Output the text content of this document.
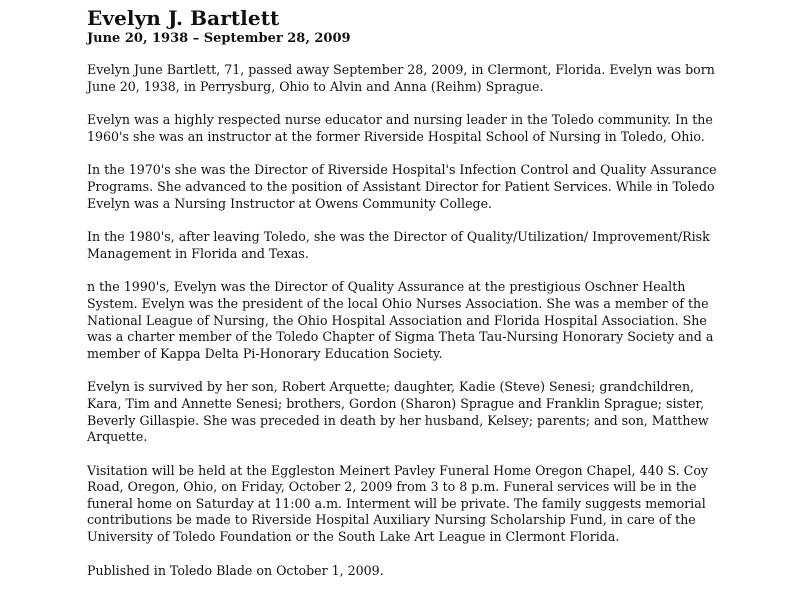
Evelyn J. Bartlett
June 20, 1938 – September 28, 2009

Evelyn June Bartlett, 71, passed away September 28, 2009, in Clermont, Florida. Evelyn was born June 20, 1938, in Perrysburg, Ohio to Alvin and Anna (Reihm) Sprague.

Evelyn was a highly respected nurse educator and nursing leader in the Toledo community. In the 1960's she was an instructor at the former Riverside Hospital School of Nursing in Toledo, Ohio.

In the 1970's she was the Director of Riverside Hospital's Infection Control and Quality Assurance Programs. She advanced to the position of Assistant Director for Patient Services. While in Toledo Evelyn was a Nursing Instructor at Owens Community College.

In the 1980's, after leaving Toledo, she was the Director of Quality/Utilization/ Improvement/Risk Management in Florida and Texas.

n the 1990's, Evelyn was the Director of Quality Assurance at the prestigious Oschner Health System. Evelyn was the president of the local Ohio Nurses Association. She was a member of the National League of Nursing, the Ohio Hospital Association and Florida Hospital Association. She was a charter member of the Toledo Chapter of Sigma Theta Tau-Nursing Honorary Society and a member of Kappa Delta Pi-Honorary Education Society.

Evelyn is survived by her son, Robert Arquette; daughter, Kadie (Steve) Senesi; grandchildren, Kara, Tim and Annette Senesi; brothers, Gordon (Sharon) Sprague and Franklin Sprague; sister, Beverly Gillaspie. She was preceded in death by her husband, Kelsey; parents; and son, Matthew Arquette.

Visitation will be held at the Eggleston Meinert Pavley Funeral Home Oregon Chapel, 440 S. Coy Road, Oregon, Ohio, on Friday, October 2, 2009 from 3 to 8 p.m. Funeral services will be in the funeral home on Saturday at 11:00 a.m. Interment will be private. The family suggests memorial contributions be made to Riverside Hospital Auxiliary Nursing Scholarship Fund, in care of the University of Toledo Foundation or the South Lake Art League in Clermont Florida.

Published in Toledo Blade on October 1, 2009.
